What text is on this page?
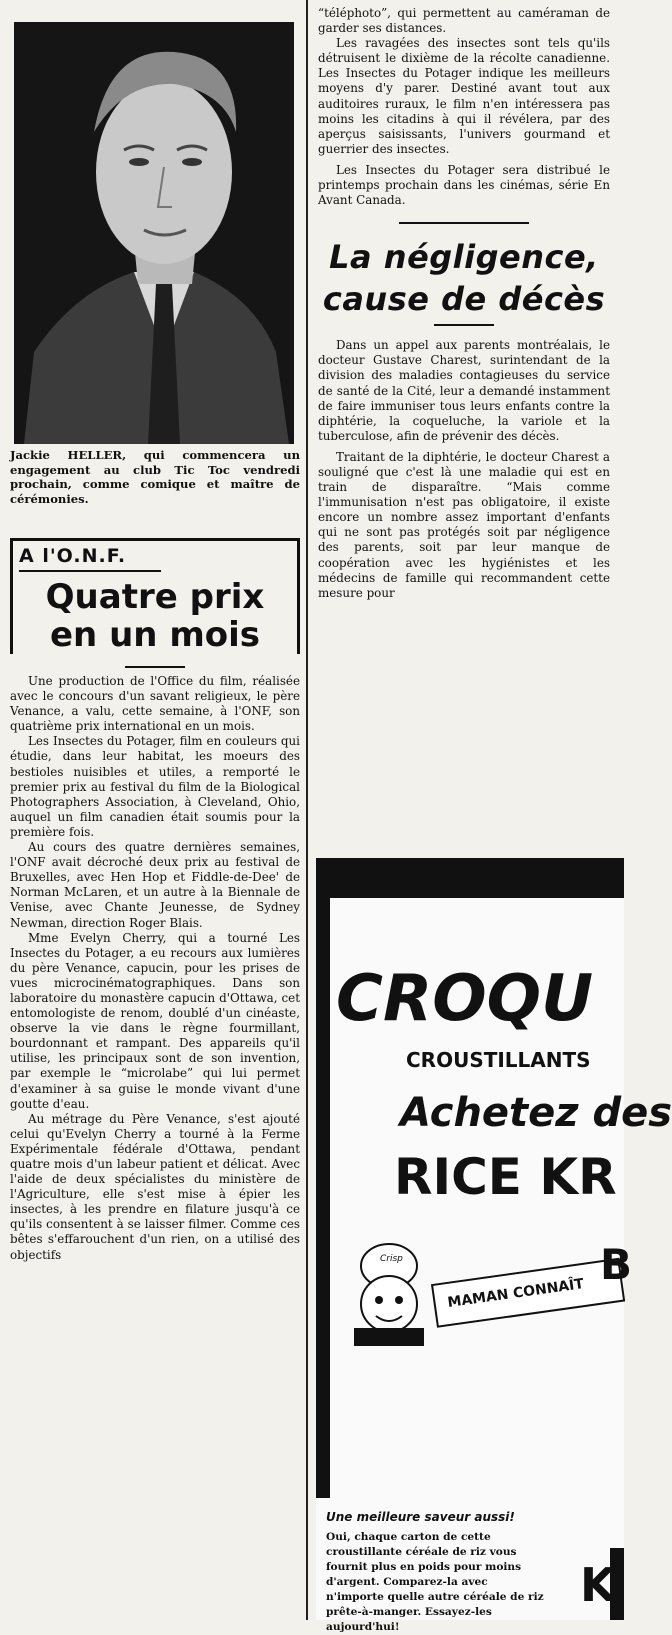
Jackie HELLER, qui commencera un engagement au club Tic Toc vendredi prochain, comme comique et maître de cérémonies.

A l'O.N.F.

Quatre prix
en un mois

Une production de l'Office du film, réalisée avec le concours d'un savant religieux, le père Venance, a valu, cette semaine, à l'ONF, son quatrième prix international en un mois.

Les Insectes du Potager, film en couleurs qui étudie, dans leur habitat, les moeurs des bestioles nuisibles et utiles, a remporté le premier prix au festival du film de la Biological Photographers Association, à Cleveland, Ohio, auquel un film canadien était soumis pour la première fois.

Au cours des quatre dernières semaines, l'ONF avait décroché deux prix au festival de Bruxelles, avec Hen Hop et Fiddle-de-Dee' de Norman McLaren, et un autre à la Biennale de Venise, avec Chante Jeunesse, de Sydney Newman, direction Roger Blais.

Mme Evelyn Cherry, qui a tourné Les Insectes du Potager, a eu recours aux lumières du père Venance, capucin, pour les prises de vues microcinématographiques. Dans son laboratoire du monastère capucin d'Ottawa, cet entomologiste de renom, doublé d'un cinéaste, observe la vie dans le règne fourmillant, bourdonnant et rampant. Des appareils qu'il utilise, les principaux sont de son invention, par exemple le “microlabe” qui lui permet d'examiner à sa guise le monde vivant d'une goutte d'eau.

Au métrage du Père Venance, s'est ajouté celui qu'Evelyn Cherry a tourné à la Ferme Expérimentale fédérale d'Ottawa, pendant quatre mois d'un labeur patient et délicat. Avec l'aide de deux spécialistes du ministère de l'Agriculture, elle s'est mise à épier les insectes, à les prendre en filature jusqu'à ce qu'ils consentent à se laisser filmer. Comme ces bêtes s'effarouchent d'un rien, on a utilisé des objectifs

“téléphoto”, qui permettent au caméraman de garder ses distances.

Les ravagées des insectes sont tels qu'ils détruisent le dixième de la récolte canadienne. Les Insectes du Potager indique les meilleurs moyens d'y parer. Destiné avant tout aux auditoires ruraux, le film n'en intéressera pas moins les citadins à qui il révélera, par des aperçus saisissants, l'univers gourmand et guerrier des insectes.

Les Insectes du Potager sera distribué le printemps prochain dans les cinémas, série En Avant Canada.

La négligence,

cause de décès

Dans un appel aux parents montréalais, le docteur Gustave Charest, surintendant de la division des maladies contagieuses du service de santé de la Cité, leur a demandé instamment de faire immuniser tous leurs enfants contre la diphtérie, la coqueluche, la variole et la tuberculose, afin de prévenir des décès.

Traitant de la diphtérie, le docteur Charest a souligné que c'est là une maladie qui est en train de disparaître. “Mais comme l'immunisation n'est pas obligatoire, il existe encore un nombre assez important d'enfants qui ne sont pas protégés soit par négligence des parents, soit par leur manque de coopération avec les hygiénistes et les médecins de famille qui recommandent cette mesure pour

CROQU
CROUSTILLANTS
Achetez des
RICE KR
Crisp
MAMAN CONNAÎT
B
Une meilleure saveur aussi!
Oui, chaque carton de cette croustillante céréale de riz vous fournit plus en poids pour moins d'argent. Comparez-la avec n'importe quelle autre céréale de riz prête-à-manger. Essayez-les aujourd'hui!
K
